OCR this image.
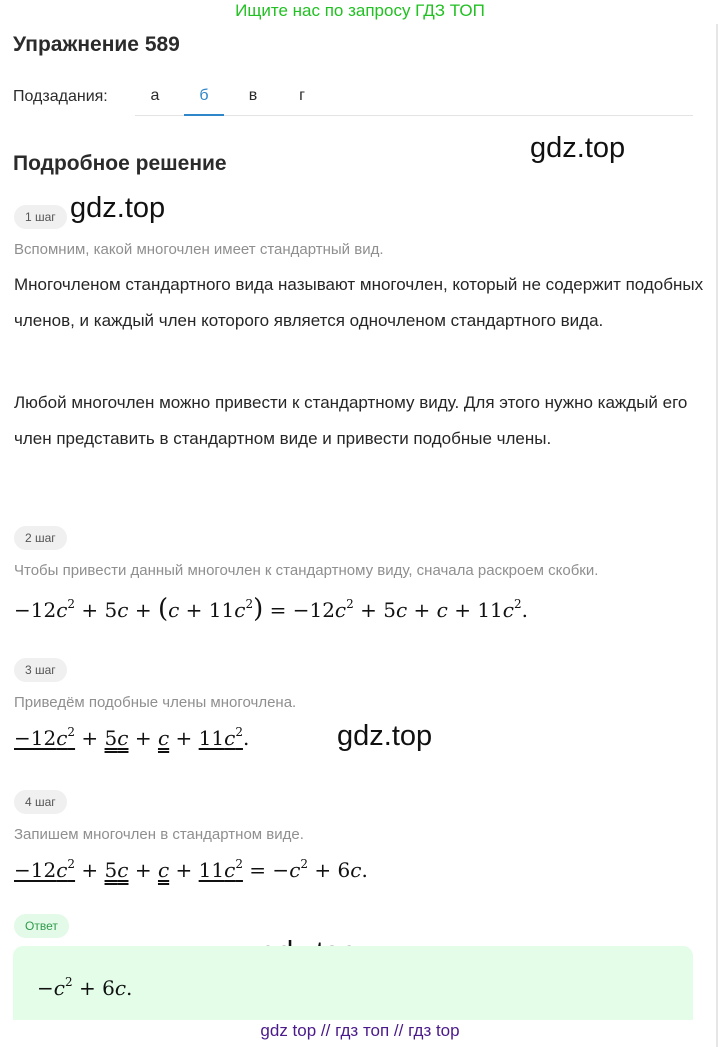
Ищите нас по запросу ГДЗ ТОП
Упражнение 589
Подзадания:	а	б	в	г
Подробное решение	gdz.top
gdz.top
gdz.top
1 шаг
Вспомним, какой многочлен имеет стандартный вид.
Многочленом стандартного вида называют многочлен, который не содержит подобных членов, и каждый член которого является одночленом стандартного вида.
Любой многочлен можно привести к стандартному виду. Для этого нужно каждый его член представить в стандартном виде и привести подобные члены.
2 шаг
Чтобы привести данный многочлен к стандартному виду, сначала раскроем скобки.
$-12c^2 + 5c + (c + 11c^2) = -12c^2 + 5c + c + 11c^2$.
3 шаг
Приведём подобные члены многочлена.
$-12c^2 + 5c + c + 11c^2$.
4 шаг
Запишем многочлен в стандартном виде.
$-12c^2 + 5c + c + 11c^2 = -c^2 + 6c$.
Ответ
$-c^2 + 6c$.
gdz top // гдз топ // гдз top
